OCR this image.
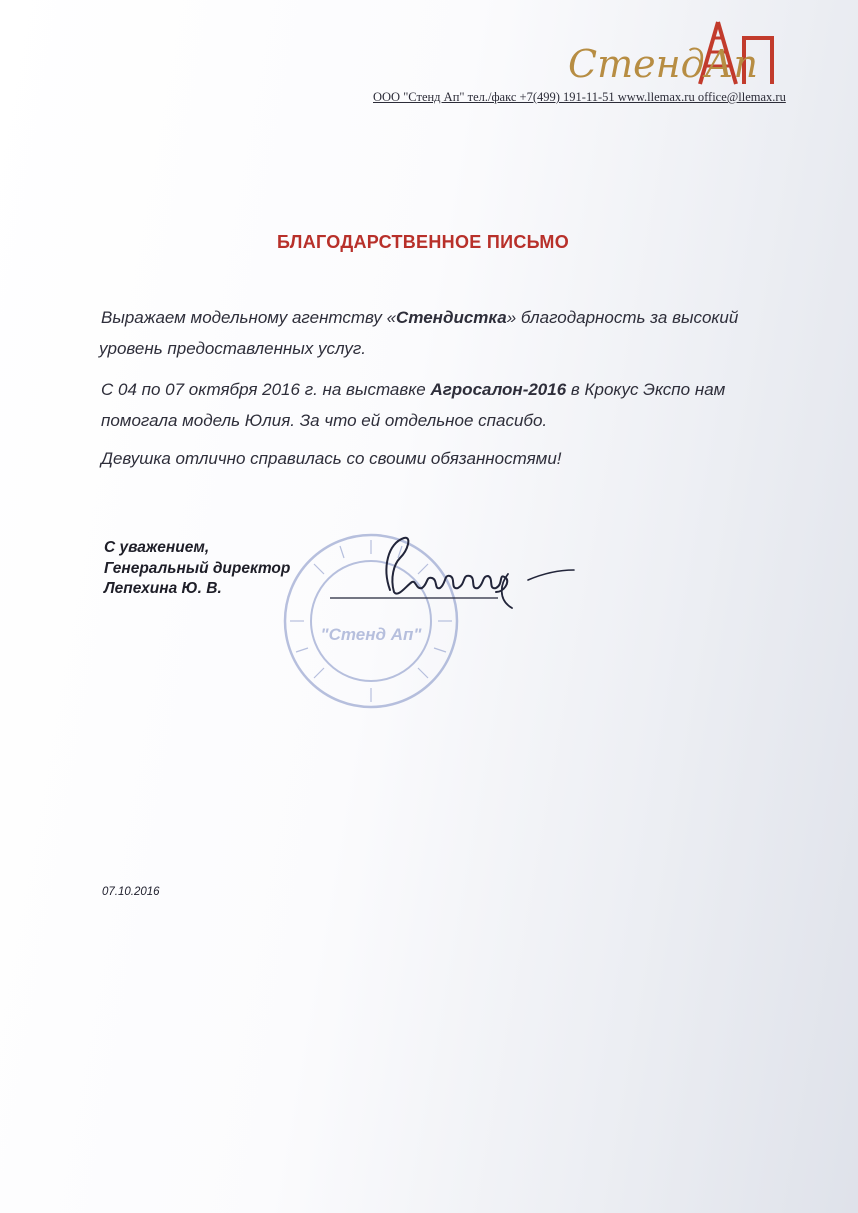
СтендАп
ООО "Стенд Ап" тел./факс +7(499) 191-11-51 www.llemax.ru office@llemax.ru
БЛАГОДАРСТВЕННОЕ ПИСЬМО
Выражаем модельному агентству «Стендистка» благодарность за высокий
уровень предоставленных услуг.
С 04 по 07 октября 2016 г. на выставке Агросалон-2016 в Крокус Экспо нам
помогала модель Юлия. За что ей отдельное спасибо.
Девушка отлично справилась со своими обязанностями!
"Стенд Ап"
С уважением,
Генеральный директор
Лепехина Ю. В.
07.10.2016
